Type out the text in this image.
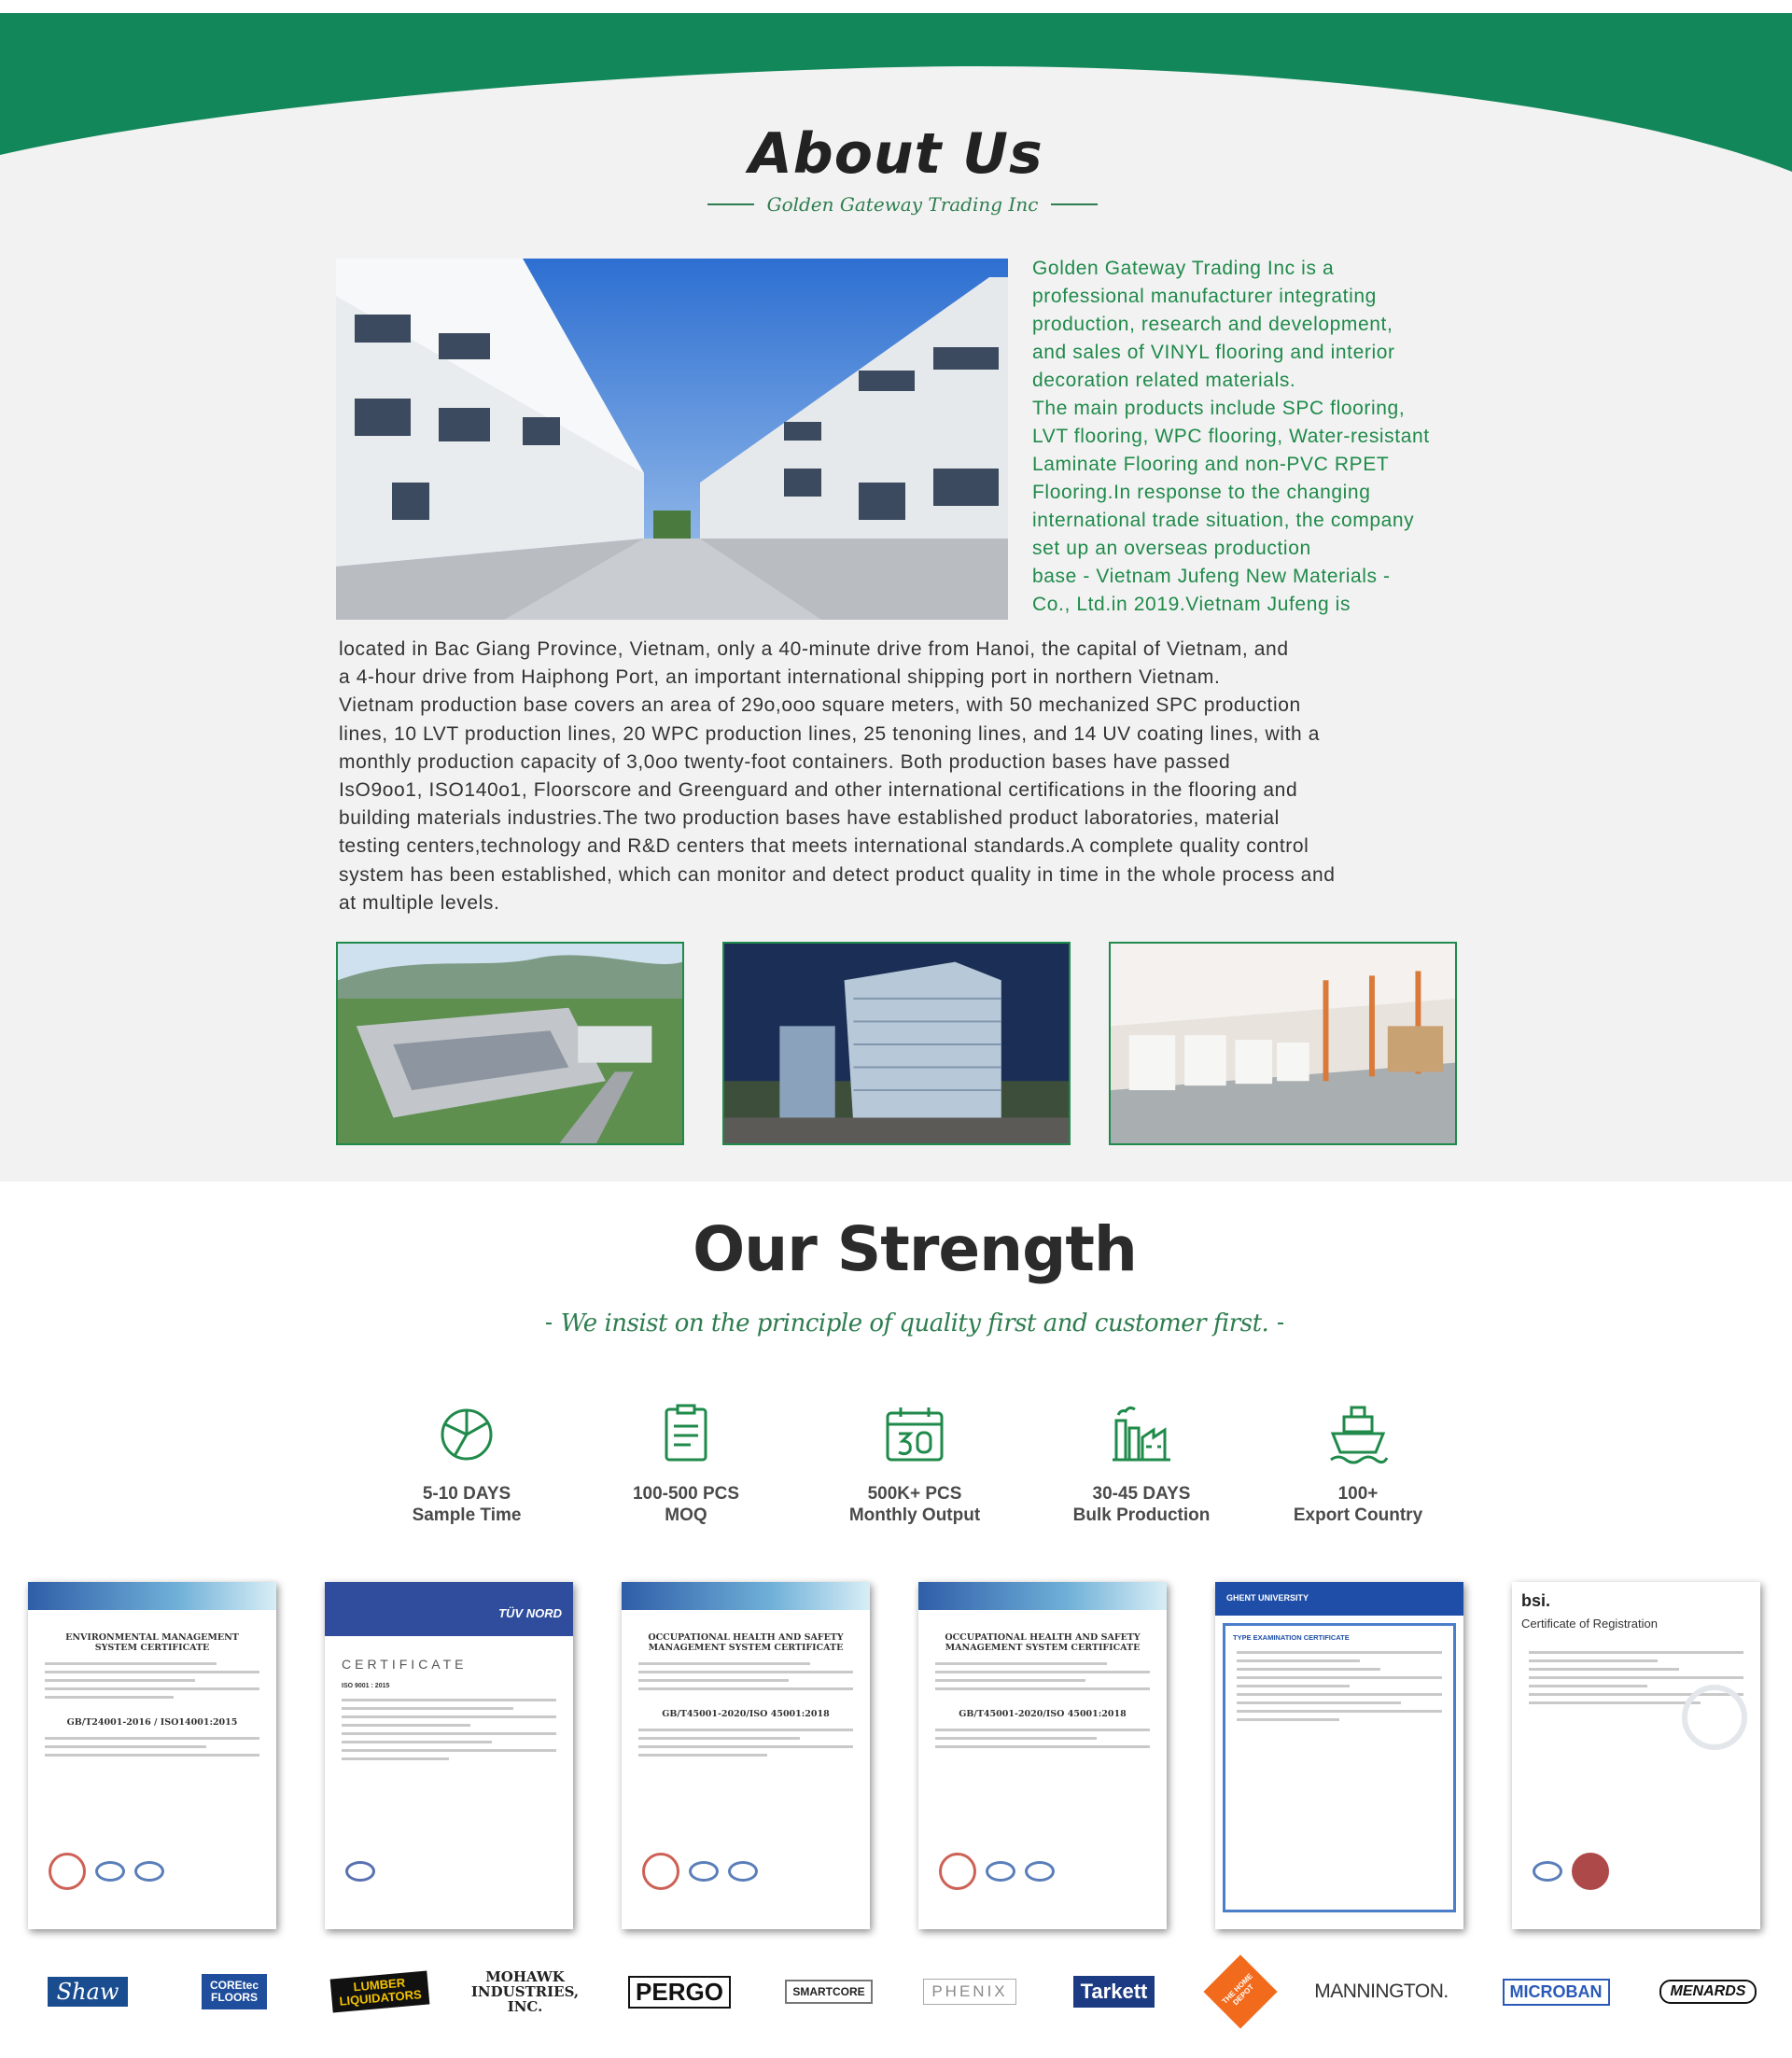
About Us
Golden Gateway Trading Inc

Golden Gateway Trading Inc is a
professional manufacturer integrating
production, research and development,
and sales of VINYL flooring and interior
decoration related materials.

The main products include SPC flooring,
LVT flooring, WPC flooring, Water-resistant
Laminate Flooring and non-PVC RPET
Flooring.In response to the changing
international trade situation, the company
set up an overseas production
base - Vietnam Jufeng New Materials -
Co., Ltd.in 2019.Vietnam Jufeng is

located in Bac Giang Province, Vietnam, only a 40-minute drive from Hanoi, the capital of Vietnam, and
a 4-hour drive from Haiphong Port, an important international shipping port in northern Vietnam.
Vietnam production base covers an area of 29o,ooo square meters, with 50 mechanized SPC production
lines, 10 LVT production lines, 20 WPC production lines, 25 tenoning lines, and 14 UV coating lines, with a
monthly production capacity of 3,0oo twenty-foot containers. Both production bases have passed
IsO9oo1, ISO140o1, Floorscore and Greenguard and other international certifications in the flooring and
building materials industries.The two production bases have established product laboratories, material
testing centers,technology and R&D centers that meets international standards.A complete quality control
system has been established, which can monitor and detect product quality in time in the whole process and
at multiple levels.

Our Strength
We insist on the principle of quality first and customer first.
5-10 DAYS
Sample Time
100-500 PCS
MOQ
500K+ PCS
Monthly Output
30-45 DAYS
Bulk Production
100+
Export Country
ENVIRONMENTAL MANAGEMENT
SYSTEM CERTIFICATE
GB/T24001-2016 / ISO14001:2015
TÜV NORD
CERTIFICATE
ISO 9001 : 2015
OCCUPATIONAL HEALTH AND SAFETY
MANAGEMENT SYSTEM CERTIFICATE
GB/T45001-2020/ISO 45001:2018
OCCUPATIONAL HEALTH AND SAFETY
MANAGEMENT SYSTEM CERTIFICATE
GB/T45001-2020/ISO 45001:2018
GHENT UNIVERSITY
TYPE EXAMINATION CERTIFICATE
bsi.
Certificate of Registration
Shaw	COREtec FLOORS
LUMBER LIQUIDATORS
MOHAWK INDUSTRIES, INC.
PERGO	SMARTCORE	PHENIX	Tarkett	THE HOME DEPOT	MANNINGTON.	MICROBAN	MENARDS
